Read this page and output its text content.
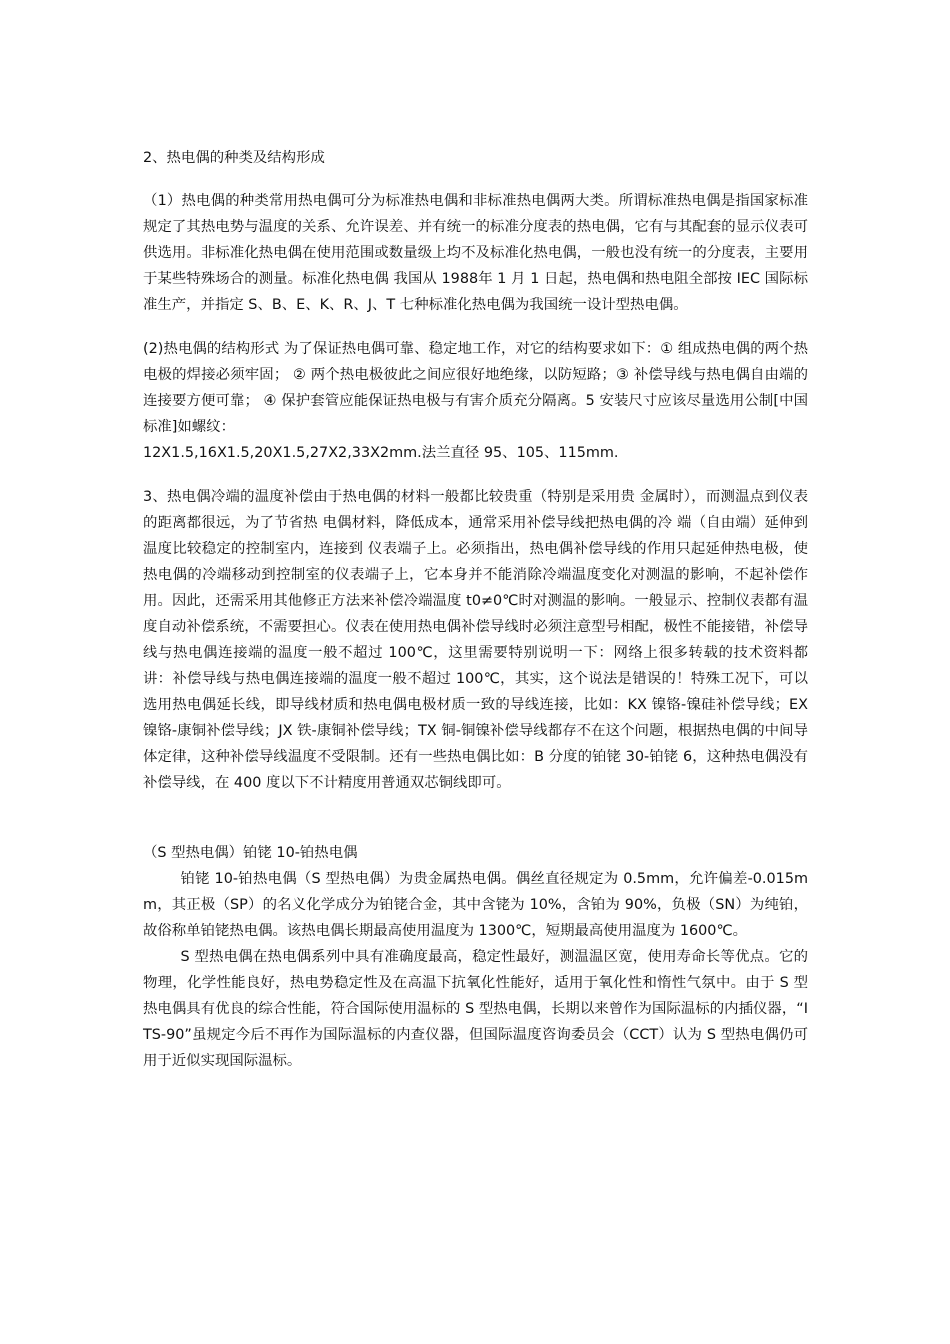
2、热电偶的种类及结构形成

（1）热电偶的种类常用热电偶可分为标准热电偶和非标准热电偶两大类。所谓标准热电偶是指国家标准规定了其热电势与温度的关系、允许误差、并有统一的标准分度表的热电偶，它有与其配套的显示仪表可供选用。非标准化热电偶在使用范围或数量级上均不及标准化热电偶，一般也没有统一的分度表，主要用于某些特殊场合的测量。标准化热电偶 我国从 1988年 1 月 1 日起，热电偶和热电阻全部按 IEC 国际标准生产，并指定 S、B、E、K、R、J、T 七种标准化热电偶为我国统一设计型热电偶。

(2)热电偶的结构形式 为了保证热电偶可靠、稳定地工作，对它的结构要求如下：① 组成热电偶的两个热电极的焊接必须牢固； ② 两个热电极彼此之间应很好地绝缘，以防短路；③ 补偿导线与热电偶自由端的连接要方便可靠； ④ 保护套管应能保证热电极与有害介质充分隔离。5 安装尺寸应该尽量选用公制[中国标准]如螺纹：

12X1.5,16X1.5,20X1.5,27X2,33X2mm.法兰直径 95、105、115mm.

3、热电偶冷端的温度补偿由于热电偶的材料一般都比较贵重（特别是采用贵 金属时），而测温点到仪表的距离都很远，为了节省热 电偶材料，降低成本，通常采用补偿导线把热电偶的冷 端（自由端）延伸到温度比较稳定的控制室内，连接到 仪表端子上。必须指出，热电偶补偿导线的作用只起延伸热电极，使热电偶的冷端移动到控制室的仪表端子上，它本身并不能消除冷端温度变化对测温的影响，不起补偿作用。因此，还需采用其他修正方法来补偿冷端温度 t0≠0℃时对测温的影响。一般显示、控制仪表都有温度自动补偿系统，不需要担心。仪表在使用热电偶补偿导线时必须注意型号相配，极性不能接错，补偿导线与热电偶连接端的温度一般不超过 100℃，这里需要特别说明一下：网络上很多转载的技术资料都讲：补偿导线与热电偶连接端的温度一般不超过 100℃，其实，这个说法是错误的！特殊工况下，可以选用热电偶延长线，即导线材质和热电偶电极材质一致的导线连接，比如：KX 镍铬-镍硅补偿导线；EX 镍铬-康铜补偿导线；JX 铁-康铜补偿导线；TX 铜-铜镍补偿导线都存不在这个问题，根据热电偶的中间导体定律，这种补偿导线温度不受限制。还有一些热电偶比如：B 分度的铂铑 30-铂铑 6，这种热电偶没有补偿导线，在 400 度以下不计精度用普通双芯铜线即可。

（S 型热电偶）铂铑 10-铂热电偶

铂铑 10-铂热电偶（S 型热电偶）为贵金属热电偶。偶丝直径规定为 0.5mm，允许偏差-0.015mm，其正极（SP）的名义化学成分为铂铑合金，其中含铑为 10%，含铂为 90%，负极（SN）为纯铂，故俗称单铂铑热电偶。该热电偶长期最高使用温度为 1300℃，短期最高使用温度为 1600℃。

S 型热电偶在热电偶系列中具有准确度最高，稳定性最好，测温温区宽，使用寿命长等优点。它的物理，化学性能良好，热电势稳定性及在高温下抗氧化性能好，适用于氧化性和惰性气氛中。由于 S 型热电偶具有优良的综合性能，符合国际使用温标的 S 型热电偶，长期以来曾作为国际温标的内插仪器，“ITS-90”虽规定今后不再作为国际温标的内查仪器，但国际温度咨询委员会（CCT）认为 S 型热电偶仍可用于近似实现国际温标。
